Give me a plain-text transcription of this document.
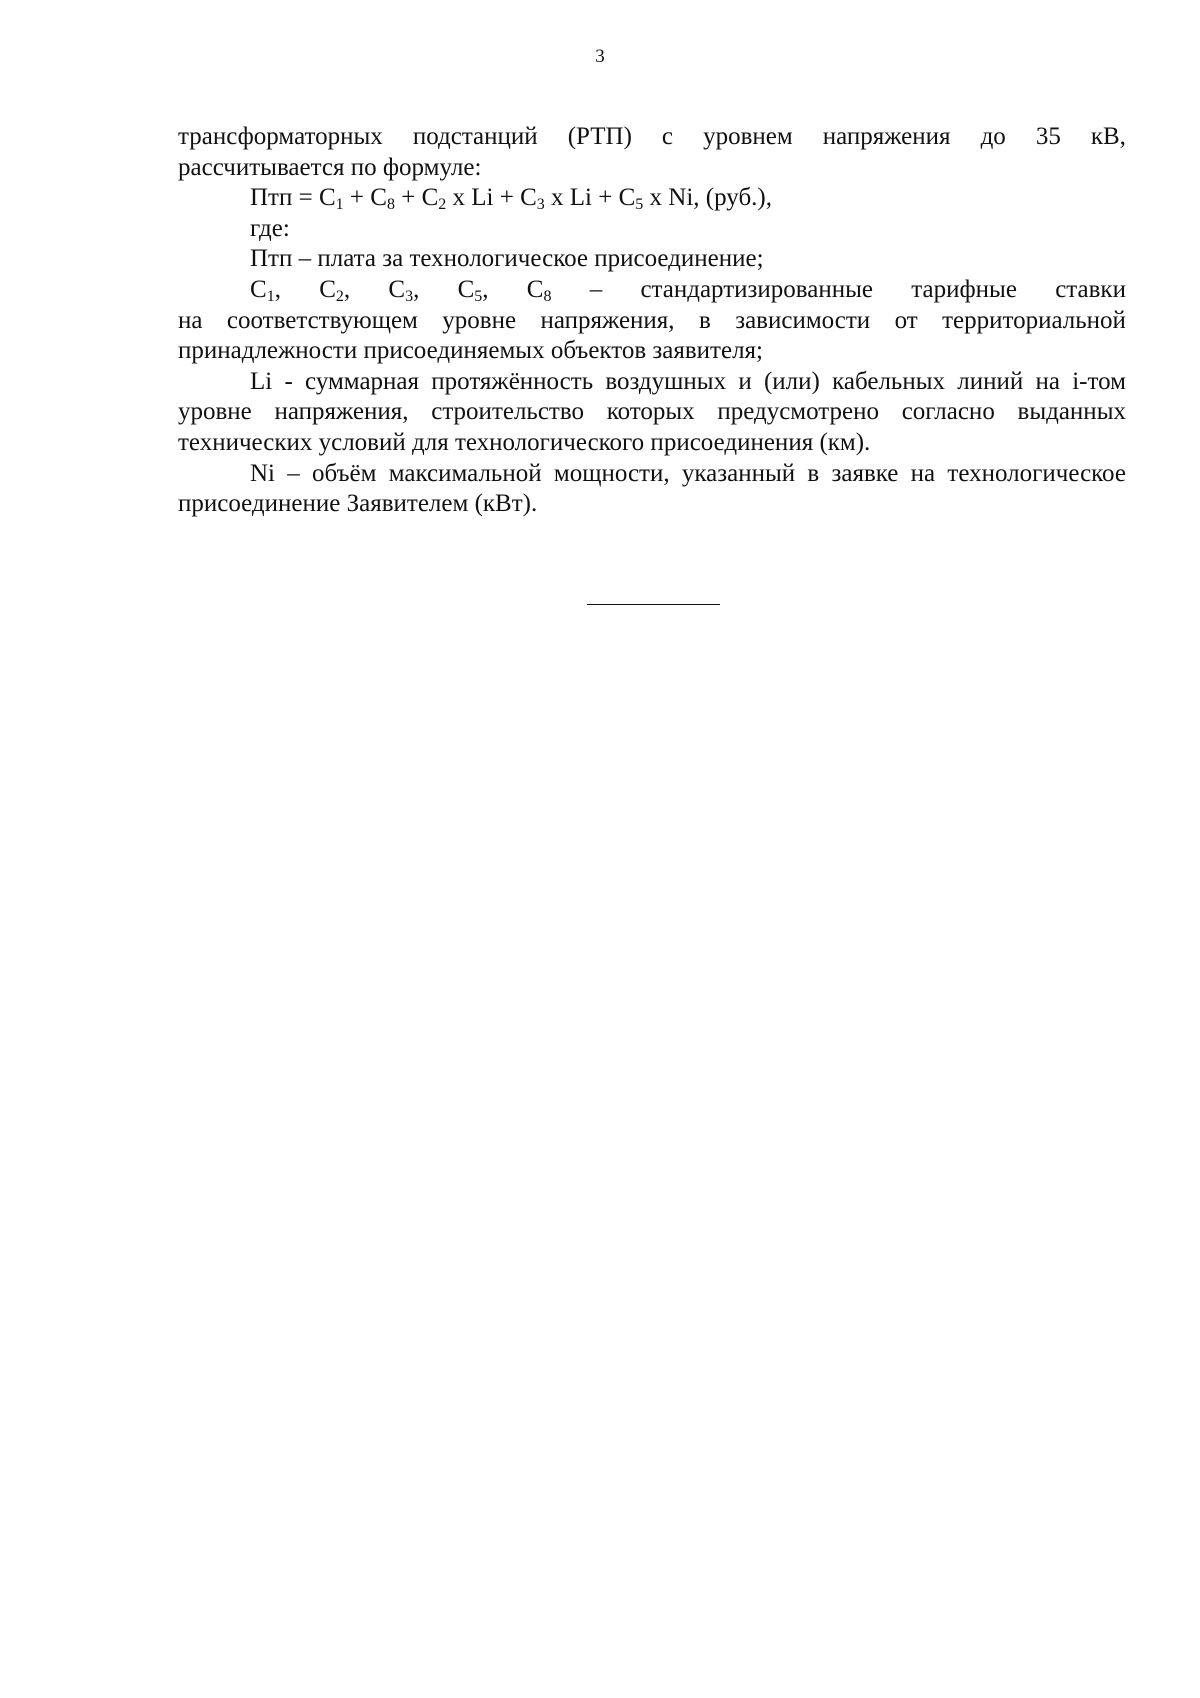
3
трансформаторных подстанций (РТП) с уровнем напряжения до 35 кВ,
рассчитывается по формуле:
Птп = $C_1 + C_8 + C_2$ x $Li + C_3$ x $Li + C_5$ x Ni, (руб.),
где:
Птп – плата за технологическое присоединение;
$C_1$, $C_2$, $C_3$, $C_5$, $C_8$ – стандартизированные тарифные ставки
на соответствующем уровне напряжения, в зависимости от территориальной
принадлежности присоединяемых объектов заявителя;
Li - суммарная протяжённость воздушных и (или) кабельных линий на i-том
уровне напряжения, строительство которых предусмотрено согласно выданных
технических условий для технологического присоединения (км).
Ni – объём максимальной мощности, указанный в заявке на технологическое
присоединение Заявителем (кВт).
